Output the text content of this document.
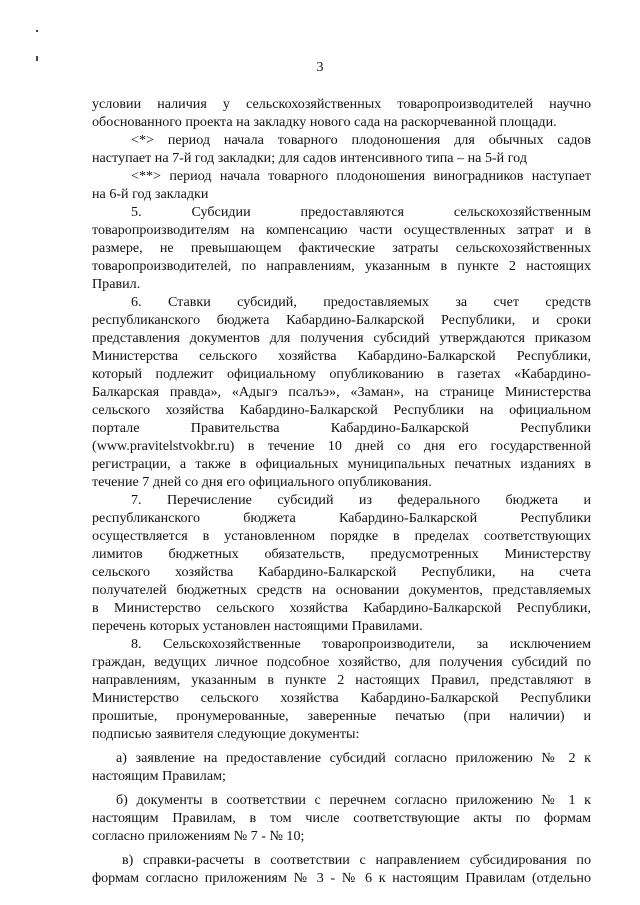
3
условии наличия у сельскохозяйственных товаропроизводителей научно
обоснованного проекта на закладку нового сада на раскорчеванной площади.
<*> период начала товарного плодоношения для обычных садов
наступает на 7-й год закладки; для садов интенсивного типа – на 5-й год
<**> период начала товарного плодоношения виноградников наступает
на 6-й год закладки
5. Субсидии предоставляются сельскохозяйственным
товаропроизводителям на компенсацию части осуществленных затрат и в
размере, не превышающем фактические затраты сельскохозяйственных
товаропроизводителей, по направлениям, указанным в пункте 2 настоящих
Правил.
6. Ставки субсидий, предоставляемых за счет средств
республиканского бюджета Кабардино-Балкарской Республики, и сроки
представления документов для получения субсидий утверждаются приказом
Министерства сельского хозяйства Кабардино-Балкарской Республики,
который подлежит официальному опубликованию в газетах «Кабардино-
Балкарская правда», «Адыгэ псалъэ», «Заман», на странице Министерства
сельского хозяйства Кабардино-Балкарской Республики на официальном
портале Правительства Кабардино-Балкарской Республики
(www.pravitelstvokbr.ru) в течение 10 дней со дня его государственной
регистрации, а также в официальных муниципальных печатных изданиях в
течение 7 дней со дня его официального опубликования.
7. Перечисление субсидий из федерального бюджета и
республиканского бюджета Кабардино-Балкарской Республики
осуществляется в установленном порядке в пределах соответствующих
лимитов бюджетных обязательств, предусмотренных Министерству
сельского хозяйства Кабардино-Балкарской Республики, на счета
получателей бюджетных средств на основании документов, представляемых
в Министерство сельского хозяйства Кабардино-Балкарской Республики,
перечень которых установлен настоящими Правилами.
8. Сельскохозяйственные товаропроизводители, за исключением
граждан, ведущих личное подсобное хозяйство, для получения субсидий по
направлениям, указанным в пункте 2 настоящих Правил, представляют в
Министерство сельского хозяйства Кабардино-Балкарской Республики
прошитые, пронумерованные, заверенные печатью (при наличии) и
подписью заявителя следующие документы:
а) заявление на предоставление субсидий согласно приложению № 2 к
настоящим Правилам;
б) документы в соответствии с перечнем согласно приложению № 1 к
настоящим Правилам, в том числе соответствующие акты по формам
согласно приложениям № 7 - № 10;
в) справки-расчеты в соответствии с направлением субсидирования по
формам согласно приложениям № 3 - № 6 к настоящим Правилам (отдельно
